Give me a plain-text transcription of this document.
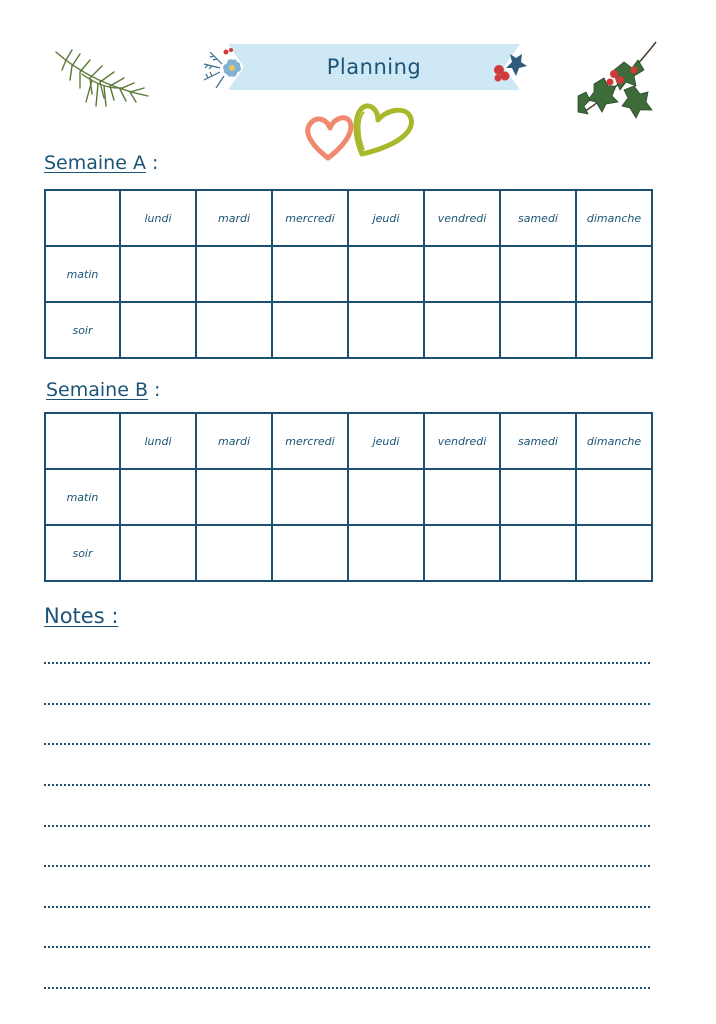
Planning
Semaine A :
	lundi	mardi	mercredi	jeudi	vendredi	samedi	dimanche
matin							
soir							
Semaine B :
	lundi	mardi	mercredi	jeudi	vendredi	samedi	dimanche
matin							
soir							
Notes :
